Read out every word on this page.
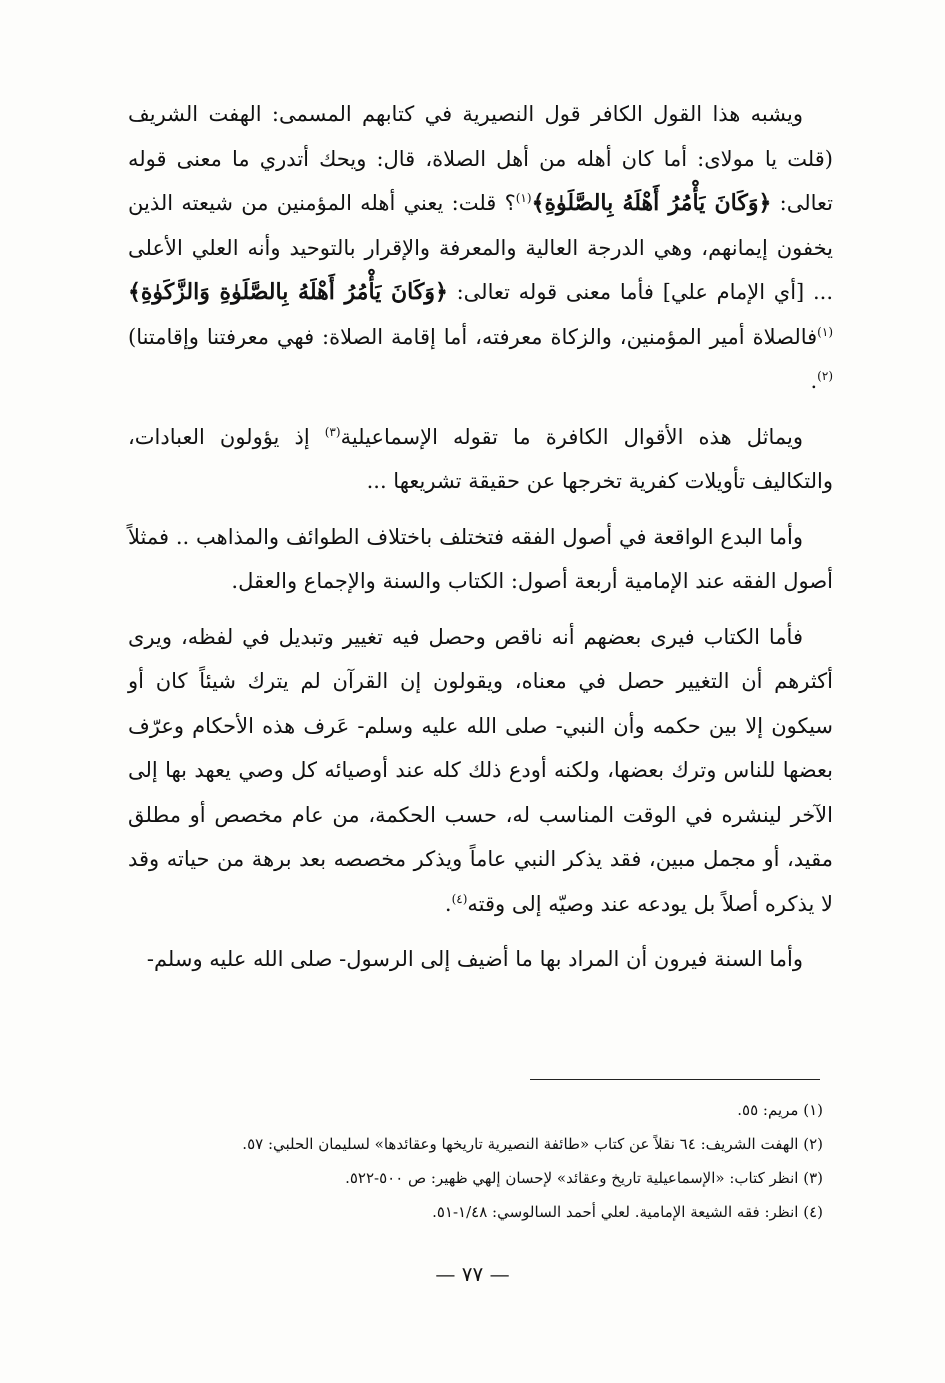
ويشبه هذا القول الكافر قول النصيرية في كتابهم المسمى: الهفت الشريف (قلت يا مولاى: أما كان أهله من أهل الصلاة، قال: ويحك أتدري ما معنى قوله تعالى: ﴿وَكَانَ يَأْمُرُ أَهْلَهُ بِالصَّلَوٰةِ﴾$^{(١)}$؟ قلت: يعني أهله المؤمنين من شيعته الذين يخفون إيمانهم، وهي الدرجة العالية والمعرفة والإقرار بالتوحيد وأنه العلي الأعلى ... [أي الإمام علي] فأما معنى قوله تعالى: ﴿وَكَانَ يَأْمُرُ أَهْلَهُ بِالصَّلَوٰةِ وَالزَّكَوٰةِ﴾$^{(١)}$فالصلاة أمير المؤمنين، والزكاة معرفته، أما إقامة الصلاة: فهي معرفتنا وإقامتنا)$^{(٢)}$.

ويماثل هذه الأقوال الكافرة ما تقوله الإسماعيلية$^{(٣)}$ إذ يؤولون العبادات، والتكاليف تأويلات كفرية تخرجها عن حقيقة تشريعها ...

وأما البدع الواقعة في أصول الفقه فتختلف باختلاف الطوائف والمذاهب .. فمثلاً أصول الفقه عند الإمامية أربعة أصول: الكتاب والسنة والإجماع والعقل.

فأما الكتاب فيرى بعضهم أنه ناقص وحصل فيه تغيير وتبديل في لفظه، ويرى أكثرهم أن التغيير حصل في معناه، ويقولون إن القرآن لم يترك شيئاً كان أو سيكون إلا بين حكمه وأن النبي- صلى الله عليه وسلم- عَرف هذه الأحكام وعرّف بعضها للناس وترك بعضها، ولكنه أودع ذلك كله عند أوصيائه كل وصي يعهد بها إلى الآخر لينشره في الوقت المناسب له، حسب الحكمة، من عام مخصص أو مطلق مقيد، أو مجمل مبين، فقد يذكر النبي عاماً ويذكر مخصصه بعد برهة من حياته وقد لا يذكره أصلاً بل يودعه عند وصيّه إلى وقته$^{(٤)}$.

وأما السنة فيرون أن المراد بها ما أضيف إلى الرسول- صلى الله عليه وسلم-

(١) مريم: ٥٥.

(٢) الهفت الشريف: ٦٤ نقلاً عن كتاب «طائفة النصيرية تاريخها وعقائدها» لسليمان الحلبي: ٥٧.

(٣) انظر كتاب: «الإسماعيلية تاريخ وعقائد» لإحسان إلهي ظهير: ص ٥٠٠-٥٢٢.

(٤) انظر: فقه الشيعة الإمامية. لعلي أحمد السالوسي: ١/٤٨-٥١.

— ٧٧ —
